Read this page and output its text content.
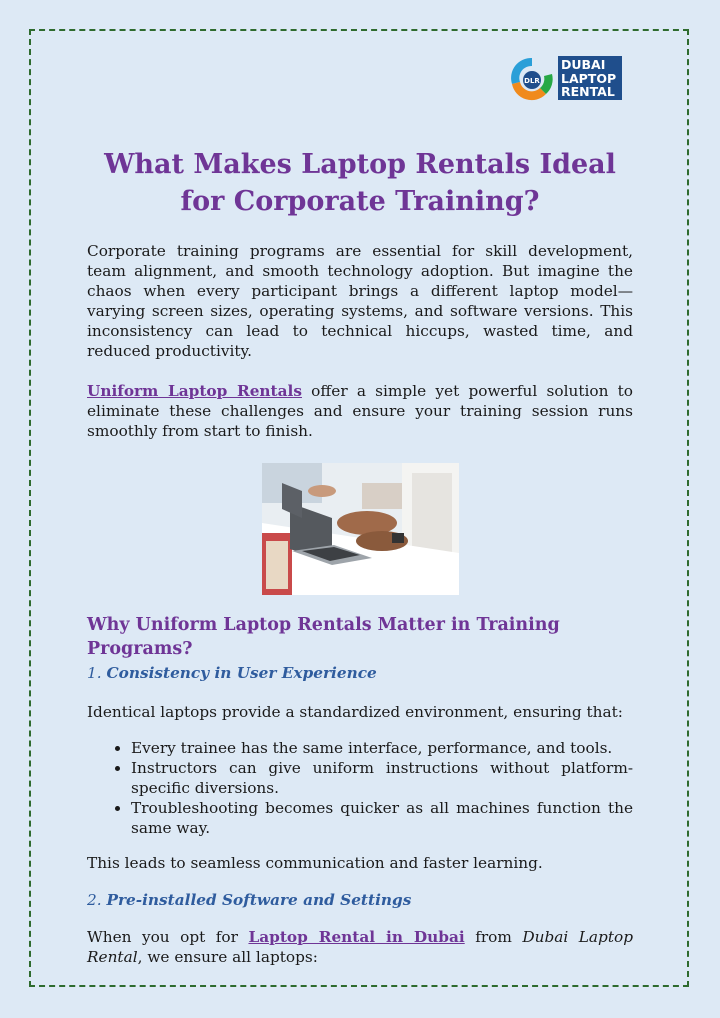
DLR
DUBAI
LAPTOP
RENTAL
What Makes Laptop Rentals Ideal for Corporate Training?

Corporate training programs are essential for skill development, team alignment, and smooth technology adoption. But imagine the chaos when every participant brings a different laptop model—varying screen sizes, operating systems, and software versions. This inconsistency can lead to technical hiccups, wasted time, and reduced productivity.

Uniform Laptop Rentals offer a simple yet powerful solution to eliminate these challenges and ensure your training session runs smoothly from start to finish.

Why Uniform Laptop Rentals Matter in Training Programs?
1. Consistency in User Experience

Identical laptops provide a standardized environment, ensuring that:

• Every trainee has the same interface, performance, and tools.
• Instructors can give uniform instructions without platform-specific diversions.
• Troubleshooting becomes quicker as all machines function the same way.

This leads to seamless communication and faster learning.

2. Pre-installed Software and Settings

When you opt for Laptop Rental in Dubai from Dubai Laptop Rental, we ensure all laptops:
